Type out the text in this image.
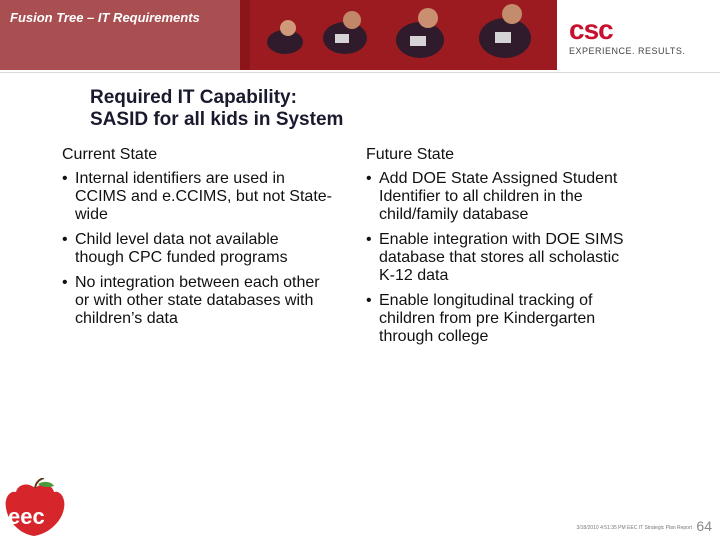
Fusion Tree – IT Requirements	csc
EXPERIENCE. RESULTS.
Required IT Capability:
SASID for all kids in System
Current State
• Internal identifiers are used in CCIMS and e.CCIMS, but not State-wide
• Child level data not available though CPC funded programs
• No integration between each other or with other state databases with children’s data
Future State
• Add DOE State Assigned Student Identifier to all children in the child/family database
• Enable integration with DOE SIMS database that stores all scholastic K-12 data
• Enable longitudinal tracking of children from pre Kindergarten through college
eec	3/18/2010 4:51:35 PM EEC IT Strategic Plan Report 64
